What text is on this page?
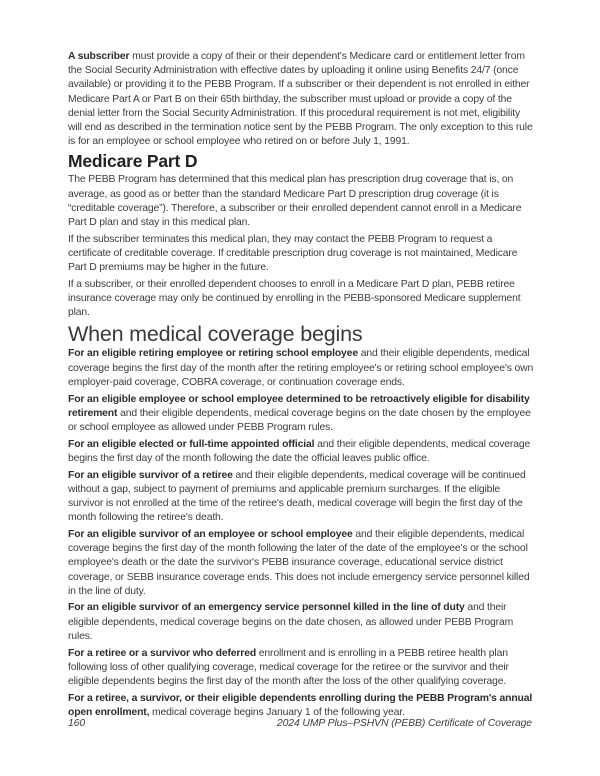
A subscriber must provide a copy of their or their dependent's Medicare card or entitlement letter from the Social Security Administration with effective dates by uploading it online using Benefits 24/7 (once available) or providing it to the PEBB Program. If a subscriber or their dependent is not enrolled in either Medicare Part A or Part B on their 65th birthday, the subscriber must upload or provide a copy of the denial letter from the Social Security Administration. If this procedural requirement is not met, eligibility will end as described in the termination notice sent by the PEBB Program. The only exception to this rule is for an employee or school employee who retired on or before July 1, 1991.

Medicare Part D

The PEBB Program has determined that this medical plan has prescription drug coverage that is, on average, as good as or better than the standard Medicare Part D prescription drug coverage (it is “creditable coverage”). Therefore, a subscriber or their enrolled dependent cannot enroll in a Medicare Part D plan and stay in this medical plan.

If the subscriber terminates this medical plan, they may contact the PEBB Program to request a certificate of creditable coverage. If creditable prescription drug coverage is not maintained, Medicare Part D premiums may be higher in the future.

If a subscriber, or their enrolled dependent chooses to enroll in a Medicare Part D plan, PEBB retiree insurance coverage may only be continued by enrolling in the PEBB-sponsored Medicare supplement plan.

When medical coverage begins

For an eligible retiring employee or retiring school employee and their eligible dependents, medical coverage begins the first day of the month after the retiring employee's or retiring school employee's own employer-paid coverage, COBRA coverage, or continuation coverage ends.

For an eligible employee or school employee determined to be retroactively eligible for disability retirement and their eligible dependents, medical coverage begins on the date chosen by the employee or school employee as allowed under PEBB Program rules.

For an eligible elected or full-time appointed official and their eligible dependents, medical coverage begins the first day of the month following the date the official leaves public office.

For an eligible survivor of a retiree and their eligible dependents, medical coverage will be continued without a gap, subject to payment of premiums and applicable premium surcharges. If the eligible survivor is not enrolled at the time of the retiree's death, medical coverage will begin the first day of the month following the retiree's death.

For an eligible survivor of an employee or school employee and their eligible dependents, medical coverage begins the first day of the month following the later of the date of the employee's or the school employee's death or the date the survivor's PEBB insurance coverage, educational service district coverage, or SEBB insurance coverage ends. This does not include emergency service personnel killed in the line of duty.

For an eligible survivor of an emergency service personnel killed in the line of duty and their eligible dependents, medical coverage begins on the date chosen, as allowed under PEBB Program rules.

For a retiree or a survivor who deferred enrollment and is enrolling in a PEBB retiree health plan following loss of other qualifying coverage, medical coverage for the retiree or the survivor and their eligible dependents begins the first day of the month after the loss of the other qualifying coverage.

For a retiree, a survivor, or their eligible dependents enrolling during the PEBB Program's annual open enrollment, medical coverage begins January 1 of the following year.

160	2024 UMP Plus–PSHVN (PEBB) Certificate of Coverage
